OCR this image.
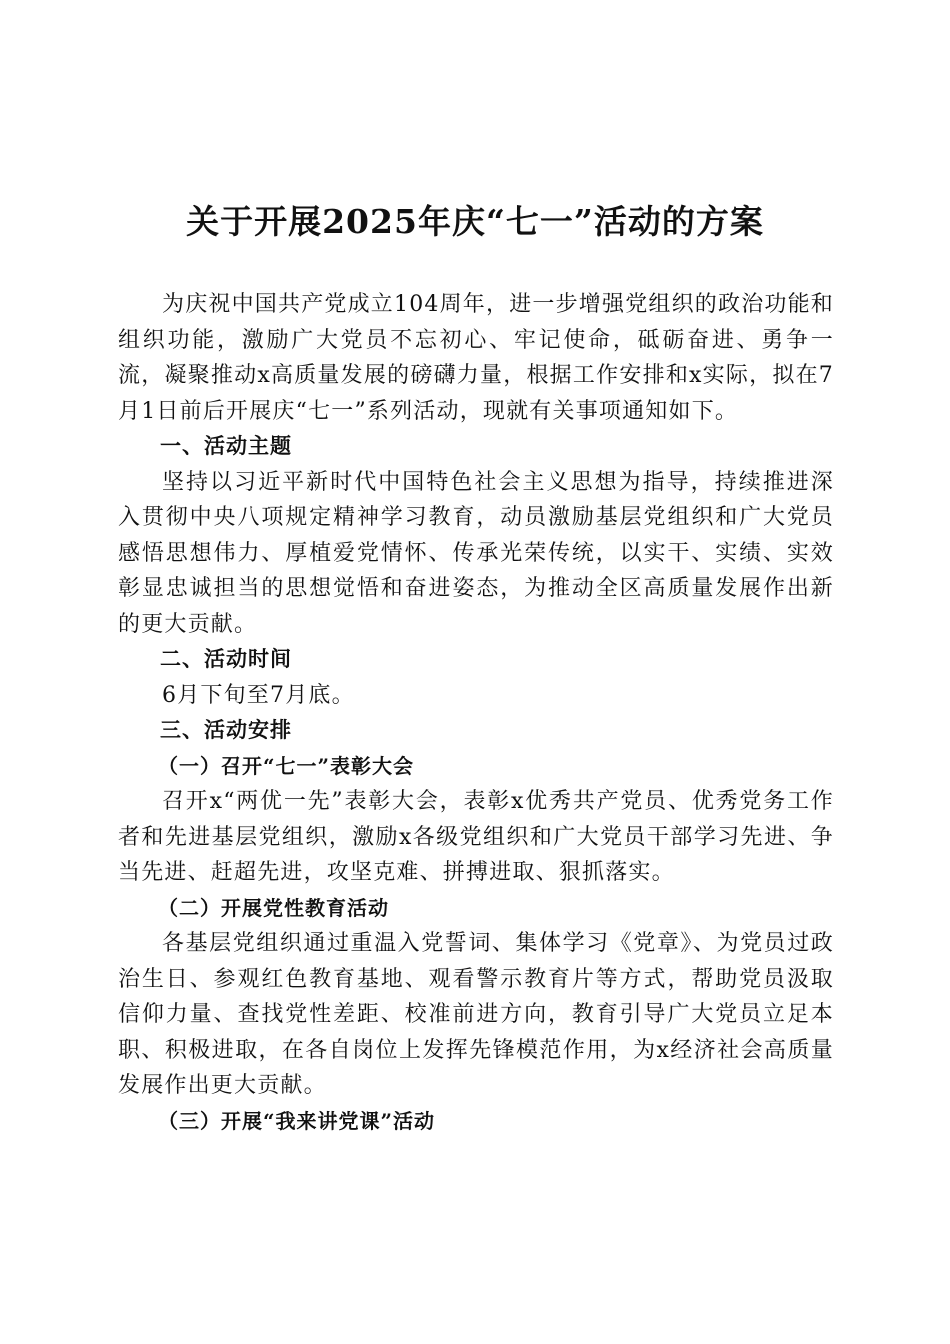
关于开展2025年庆“七一”活动的方案

为庆祝中国共产党成立104周年，进一步增强党组织的政治功能和组织功能，激励广大党员不忘初心、牢记使命，砥砺奋进、勇争一流，凝聚推动x高质量发展的磅礴力量，根据工作安排和x实际，拟在7月1日前后开展庆“七一”系列活动，现就有关事项通知如下。

一、活动主题

坚持以习近平新时代中国特色社会主义思想为指导，持续推进深入贯彻中央八项规定精神学习教育，动员激励基层党组织和广大党员感悟思想伟力、厚植爱党情怀、传承光荣传统，以实干、实绩、实效彰显忠诚担当的思想觉悟和奋进姿态，为推动全区高质量发展作出新的更大贡献。

二、活动时间

6月下旬至7月底。

三、活动安排

（一）召开“七一”表彰大会

召开x“两优一先”表彰大会，表彰x优秀共产党员、优秀党务工作者和先进基层党组织，激励x各级党组织和广大党员干部学习先进、争当先进、赶超先进，攻坚克难、拼搏进取、狠抓落实。

（二）开展党性教育活动

各基层党组织通过重温入党誓词、集体学习《党章》、为党员过政治生日、参观红色教育基地、观看警示教育片等方式，帮助党员汲取信仰力量、查找党性差距、校准前进方向，教育引导广大党员立足本职、积极进取，在各自岗位上发挥先锋模范作用，为x经济社会高质量发展作出更大贡献。

（三）开展“我来讲党课”活动
